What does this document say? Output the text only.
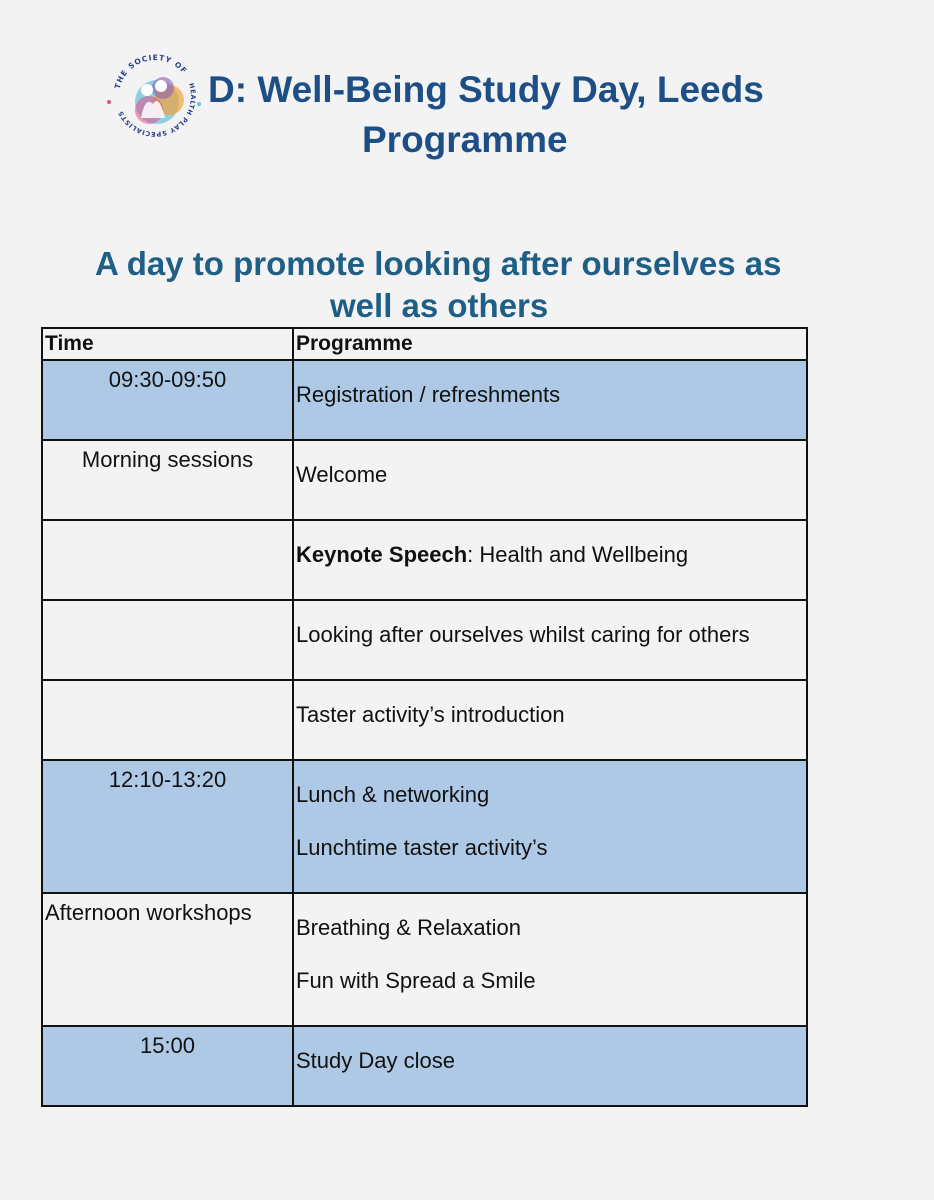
THE SOCIETY OF
HEALTH PLAY SPECIALISTS
D: Well-Being Study Day, Leeds
Programme
A day to promote looking after ourselves as
well as others
Time	Programme

09:30-09:50	Registration / refreshments

Morning sessions	Welcome

	Keynote Speech: Health and Wellbeing

	Looking after ourselves whilst caring for others

	Taster activity’s introduction

12:10-13:20	Lunch & networking
Lunchtime taster activity’s

Afternoon workshops	Breathing & Relaxation
Fun with Spread a Smile

15:00	Study Day close
